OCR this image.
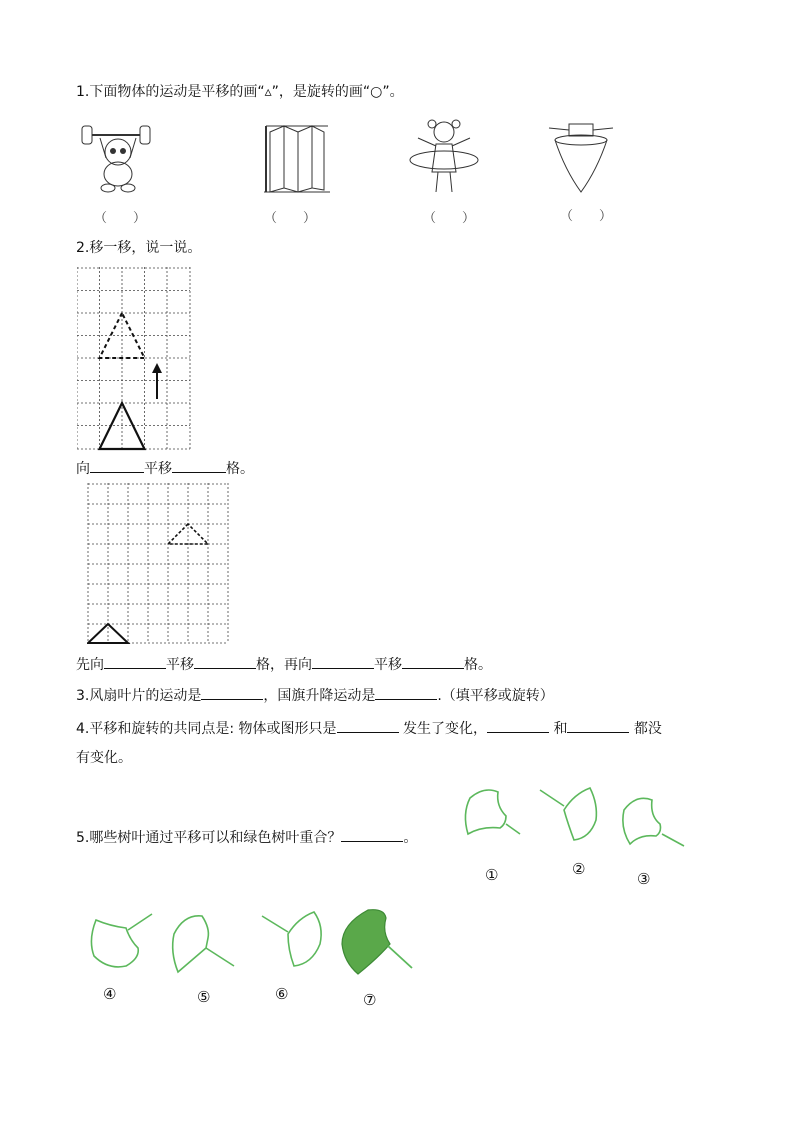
1.下面物体的运动是平移的画“▵”，是旋转的画“○”。
（　　）	（　　）	（　　）	（　　）
2.移一移，说一说。
向	平移	格。
先向	平移	格，再向	平移	格。
3.风扇叶片的运动是	，国旗升降运动是	.（填平移或旋转）
4.平移和旋转的共同点是: 物体或图形只是	发生了变化，	和	都没
有变化。
5.哪些树叶通过平移可以和绿色树叶重合？	。
①	②
③
④	⑤	⑥	⑦
